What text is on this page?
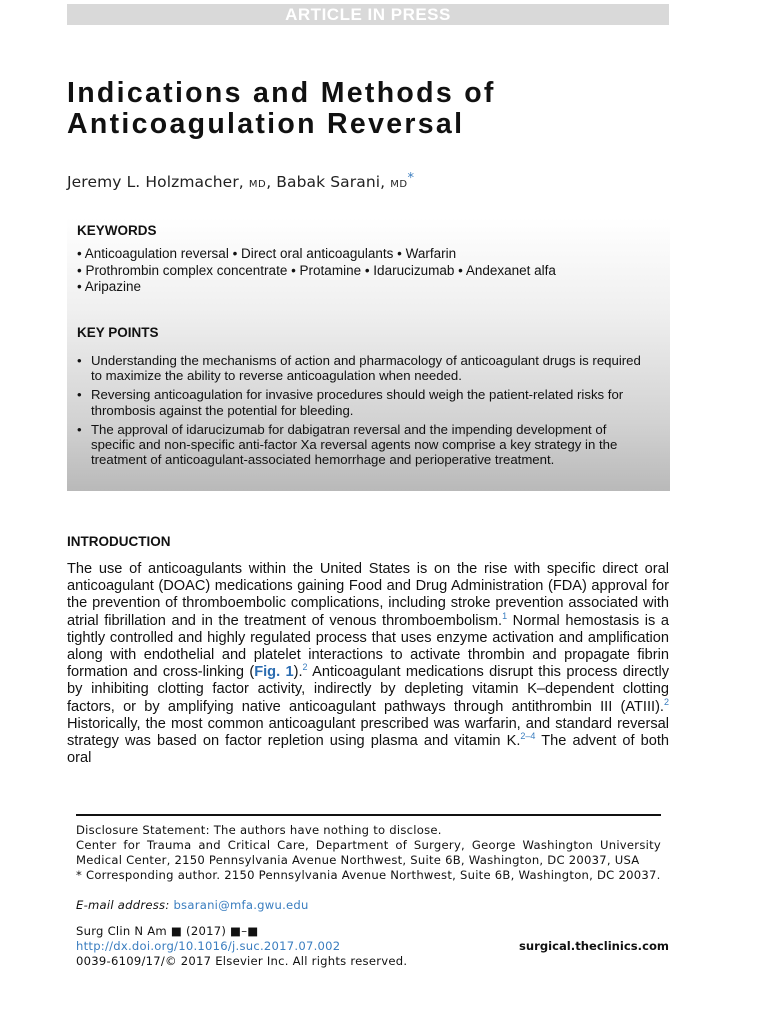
ARTICLE IN PRESS
Indications and Methods of
Anticoagulation Reversal
Jeremy L. Holzmacher, MD, Babak Sarani, MD*
KEYWORDS
• Anticoagulation reversal • Direct oral anticoagulants • Warfarin
• Prothrombin complex concentrate • Protamine • Idarucizumab • Andexanet alfa
• Aripazine
KEY POINTS
• Understanding the mechanisms of action and pharmacology of anticoagulant drugs is required to maximize the ability to reverse anticoagulation when needed.
• Reversing anticoagulation for invasive procedures should weigh the patient-related risks for thrombosis against the potential for bleeding.
• The approval of idarucizumab for dabigatran reversal and the impending development of specific and non-specific anti-factor Xa reversal agents now comprise a key strategy in the treatment of anticoagulant-associated hemorrhage and perioperative treatment.
INTRODUCTION

The use of anticoagulants within the United States is on the rise with specific direct oral anticoagulant (DOAC) medications gaining Food and Drug Administration (FDA) approval for the prevention of thromboembolic complications, including stroke prevention associated with atrial fibrillation and in the treatment of venous thromboembolism.$^1$ Normal hemostasis is a tightly controlled and highly regulated process that uses enzyme activation and amplification along with endothelial and platelet interactions to activate thrombin and propagate fibrin formation and cross-linking (Fig. 1).$^2$ Anticoagulant medications disrupt this process directly by inhibiting clotting factor activity, indirectly by depleting vitamin K–dependent clotting factors, or by amplifying native anticoagulant pathways through antithrombin III (ATIII).$^2$ Historically, the most common anticoagulant prescribed was warfarin, and standard reversal strategy was based on factor repletion using plasma and vitamin K.$^{2-4}$ The advent of both oral

Disclosure Statement: The authors have nothing to disclose.

Center for Trauma and Critical Care, Department of Surgery, George Washington University Medical Center, 2150 Pennsylvania Avenue Northwest, Suite 6B, Washington, DC 20037, USA

* Corresponding author. 2150 Pennsylvania Avenue Northwest, Suite 6B, Washington, DC 20037.

E-mail address: bsarani@mfa.gwu.edu

Surg Clin N Am ■ (2017) ■–■

http://dx.doi.org/10.1016/j.suc.2017.07.002

0039-6109/17/© 2017 Elsevier Inc. All rights reserved.

surgical.theclinics.com
